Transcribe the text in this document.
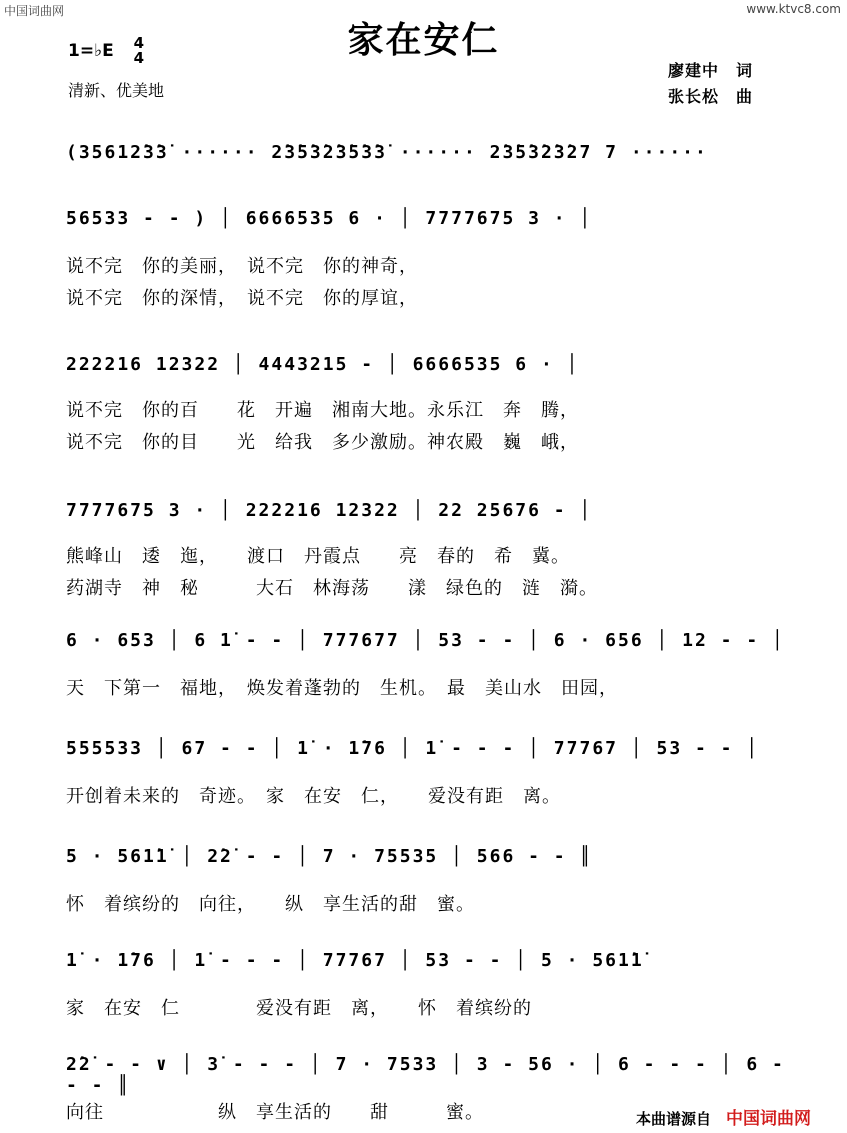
中国词曲网	www.ktvc8.com
家在安仁
1=♭E 4
4
清新、优美地
廖建中　词
张长松　曲
(35612̇3̇3̇ ······ 2̇3̇5̇3̇2̇3̇5̇3̇3̇ ······ 2̇3̇5̇3̇2̇3̇27 7 ······
56533 - - ) │ 6666535 6 · │ 7777675 3 · │
说不完　你的美丽，　说不完　你的神奇，
说不完　你的深情，　说不完　你的厚谊，
222216 12322 │ 4443215 - │ 6666535 6 · │
说不完　你的百　　花　开遍　湘南大地。永乐江　奔　腾，
说不完　你的目　　光　给我　多少激励。神农殿　巍　峨，
7777675 3 · │ 222216 12322 │ 22 25676 - │
熊峰山　逶　迤，　　渡口　丹霞点　　亮　春的　希　冀。
药湖寺　神　秘　　　大石　林海荡　　漾　绿色的　涟　漪。
6 · 653 │ 6 1̇ - - │ 777677 │ 53 - - │ 6 · 656 │ 12 - - │
天　下第一　福地，　焕发着蓬勃的　生机。　最　美山水　田园，
555533 │ 67 - - │ 1̇ · 1̇76 │ 1̇ - - - │ 77767 │ 53 - - │
开创着未来的　奇迹。　家　在安　仁，　　爱没有距　离。
5 · 561̇1̇ │ 2̇2̇ - - │ 7 · 75535 │ 566 - - ║
怀　着缤纷的　向往，　　纵　享生活的甜　蜜。
1̇ · 1̇76 │ 1̇ - - - │ 77767 │ 53 - - │ 5 · 561̇1̇
家　在安　仁　　　　爱没有距　离，　　怀　着缤纷的
2̇2̇ - - ∨ │ 3̇ - - - │ 7 · 7533 │ 3 - 56 · │ 6 - - - │ 6 - - - ║
向往　　　　　　纵　享生活的　　甜　　　蜜。	本曲谱源自 中国词曲网
